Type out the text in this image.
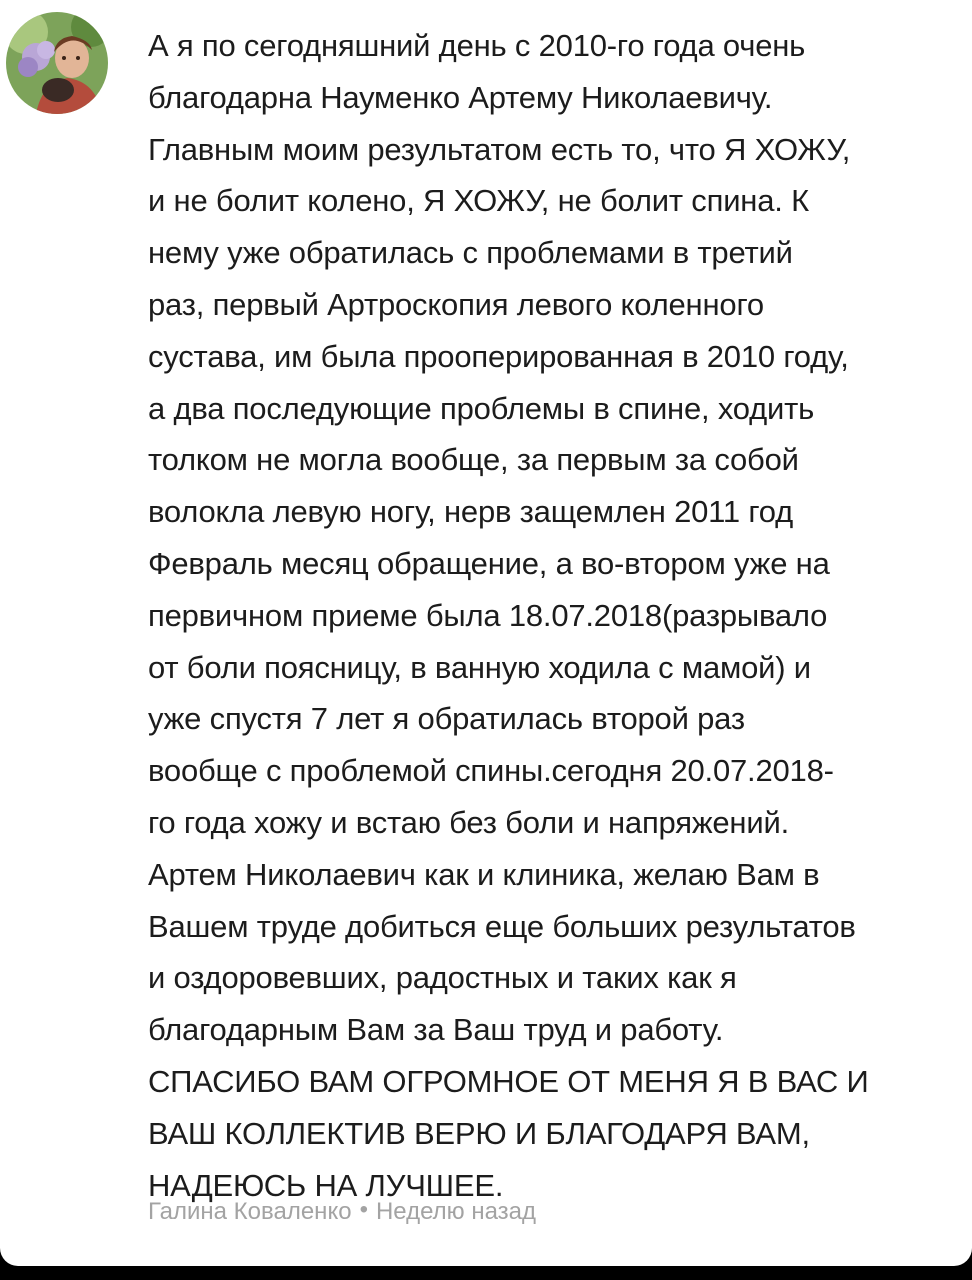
А я по сегодняшний день с 2010-го года очень
благодарна Науменко Артему Николаевичу.
Главным моим результатом есть то, что Я ХОЖУ,
и не болит колено, Я ХОЖУ, не болит спина. К
нему уже обратилась с проблемами в третий
раз, первый Артроскопия левого коленного
сустава, им была прооперированная в 2010 году,
а два последующие проблемы в спине, ходить
толком не могла вообще, за первым за собой
волокла левую ногу, нерв защемлен 2011 год
Февраль месяц обращение, а во-втором уже на
первичном приеме была 18.07.2018(разрывало
от боли поясницу, в ванную ходила с мамой) и
уже спустя 7 лет я обратилась второй раз
вообще с проблемой спины.сегодня 20.07.2018-
го года хожу и встаю без боли и напряжений.
Артем Николаевич как и клиника, желаю Вам в
Вашем труде добиться еще больших результатов
и оздоровевших, радостных и таких как я
благодарным Вам за Ваш труд и работу.
СПАСИБО ВАМ ОГРОМНОЕ ОТ МЕНЯ Я В ВАС И
ВАШ КОЛЛЕКТИВ ВЕРЮ И БЛАГОДАРЯ ВАМ,
НАДЕЮСЬ НА ЛУЧШЕЕ.
Галина Коваленко • Неделю назад
